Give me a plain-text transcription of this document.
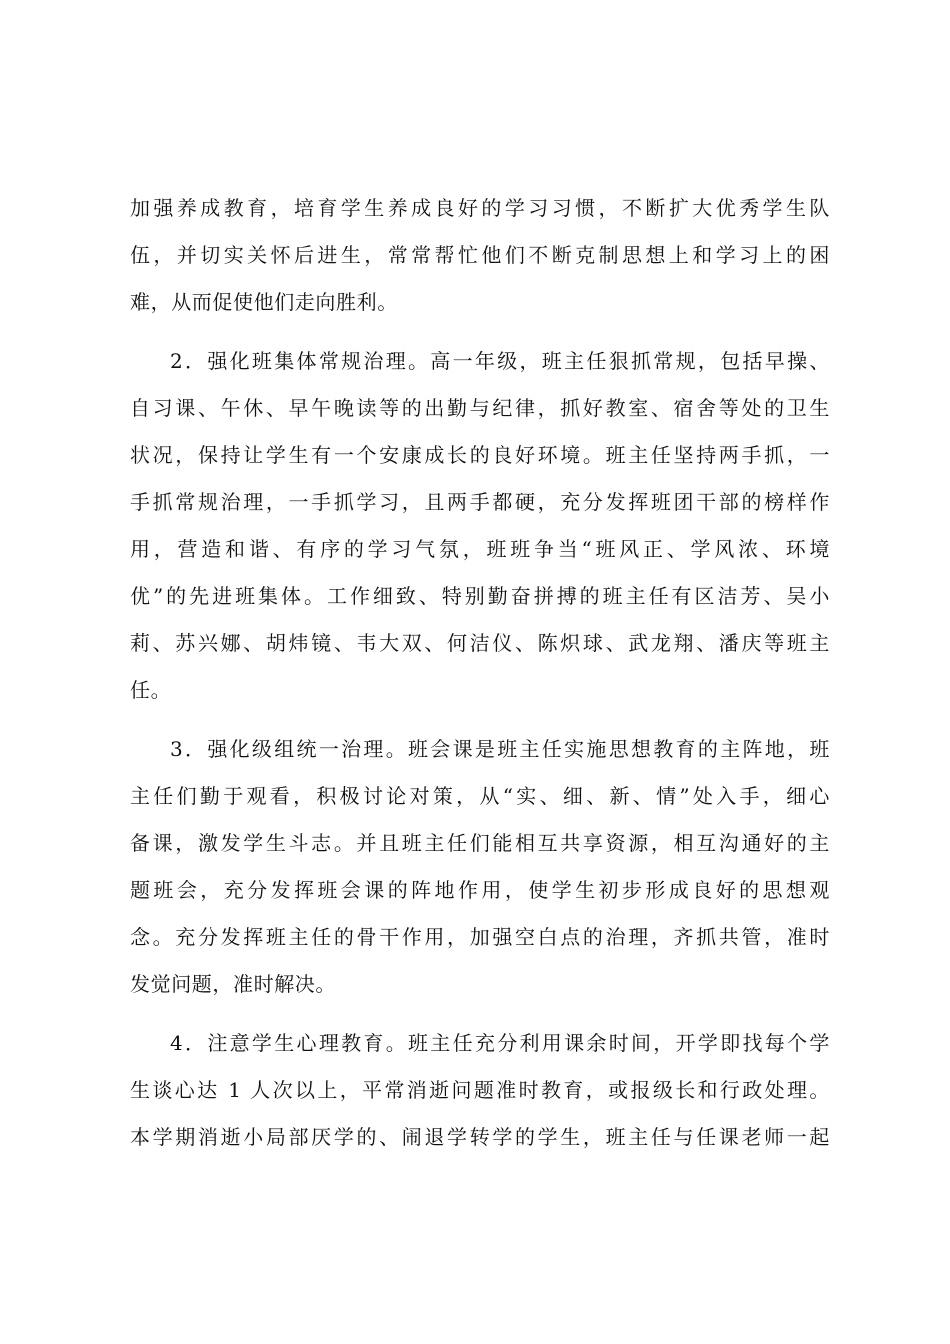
加强养成教育，培育学生养成良好的学习习惯，不断扩大优秀学生队
伍，并切实关怀后进生，常常帮忙他们不断克制思想上和学习上的困
难，从而促使他们走向胜利。
2．强化班集体常规治理。高一年级，班主任狠抓常规，包括早操、
自习课、午休、早午晚读等的出勤与纪律，抓好教室、宿舍等处的卫生
状况，保持让学生有一个安康成长的良好环境。班主任坚持两手抓，一
手抓常规治理，一手抓学习，且两手都硬，充分发挥班团干部的榜样作
用，营造和谐、有序的学习气氛，班班争当“班风正、学风浓、环境
优”的先进班集体。工作细致、特别勤奋拼搏的班主任有区洁芳、吴小
莉、苏兴娜、胡炜镜、韦大双、何洁仪、陈炽球、武龙翔、潘庆等班主
任。
3．强化级组统一治理。班会课是班主任实施思想教育的主阵地，班
主任们勤于观看，积极讨论对策，从“实、细、新、情”处入手，细心
备课，激发学生斗志。并且班主任们能相互共享资源，相互沟通好的主
题班会，充分发挥班会课的阵地作用，使学生初步形成良好的思想观
念。充分发挥班主任的骨干作用，加强空白点的治理，齐抓共管，准时
发觉问题，准时解决。
4．注意学生心理教育。班主任充分利用课余时间，开学即找每个学
生谈心达 1 人次以上，平常消逝问题准时教育，或报级长和行政处理。
本学期消逝小局部厌学的、闹退学转学的学生，班主任与任课老师一起
